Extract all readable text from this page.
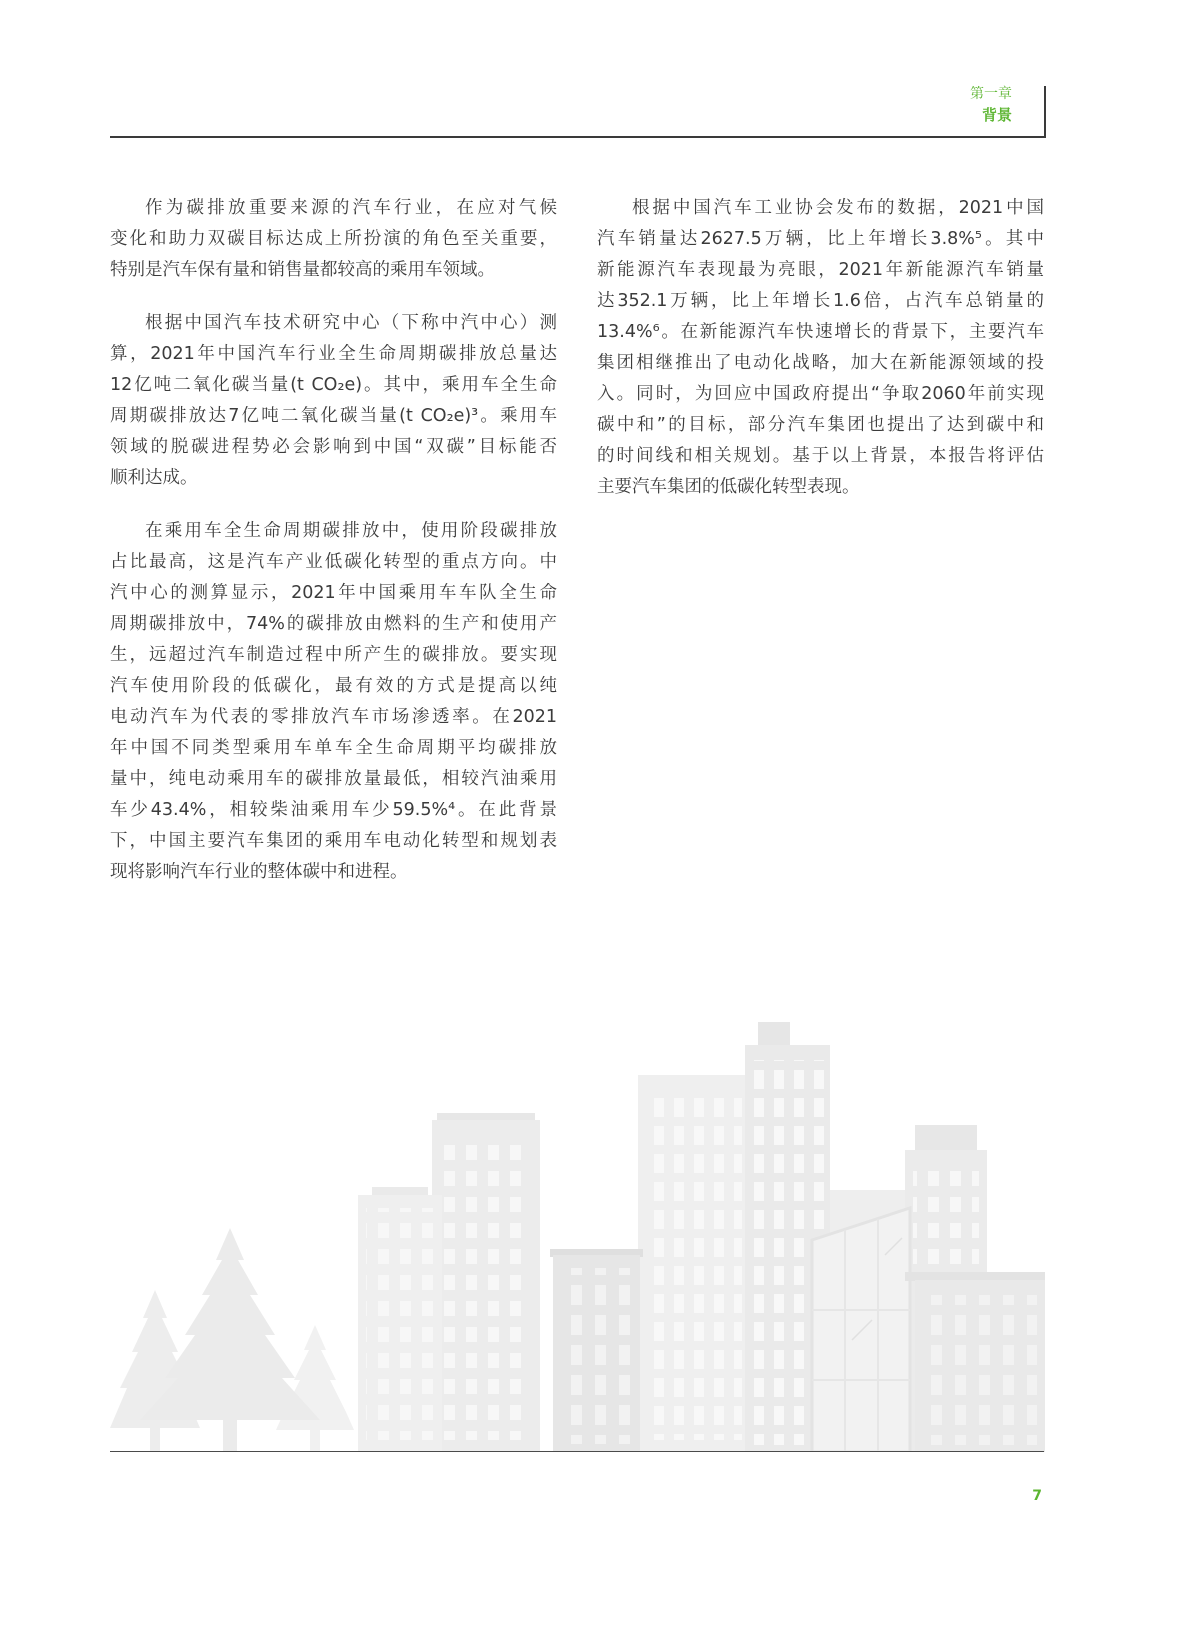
第一章
背景
作为碳排放重要来源的汽车行业，在应对气候
变化和助力双碳目标达成上所扮演的角色至关重要，
特别是汽车保有量和销售量都较高的乘用车领域。
根据中国汽车技术研究中心（下称中汽中心）测
算，2021年中国汽车行业全生命周期碳排放总量达
12亿吨二氧化碳当量(t CO₂e)。其中，乘用车全生命
周期碳排放达7亿吨二氧化碳当量(t CO₂e)³。乘用车
领域的脱碳进程势必会影响到中国“双碳”目标能否
顺利达成。
在乘用车全生命周期碳排放中，使用阶段碳排放
占比最高，这是汽车产业低碳化转型的重点方向。中
汽中心的测算显示，2021年中国乘用车车队全生命
周期碳排放中，74%的碳排放由燃料的生产和使用产
生，远超过汽车制造过程中所产生的碳排放。要实现
汽车使用阶段的低碳化，最有效的方式是提高以纯
电动汽车为代表的零排放汽车市场渗透率。在2021
年中国不同类型乘用车单车全生命周期平均碳排放
量中，纯电动乘用车的碳排放量最低，相较汽油乘用
车少43.4%，相较柴油乘用车少59.5%⁴。在此背景
下，中国主要汽车集团的乘用车电动化转型和规划表
现将影响汽车行业的整体碳中和进程。
根据中国汽车工业协会发布的数据，2021中国
汽车销量达2627.5万辆，比上年增长3.8%⁵。其中
新能源汽车表现最为亮眼，2021年新能源汽车销量
达352.1万辆，比上年增长1.6倍，占汽车总销量的
13.4%⁶。在新能源汽车快速增长的背景下，主要汽车
集团相继推出了电动化战略，加大在新能源领域的投
入。同时，为回应中国政府提出“争取2060年前实现
碳中和”的目标，部分汽车集团也提出了达到碳中和
的时间线和相关规划。基于以上背景，本报告将评估
主要汽车集团的低碳化转型表现。
7
